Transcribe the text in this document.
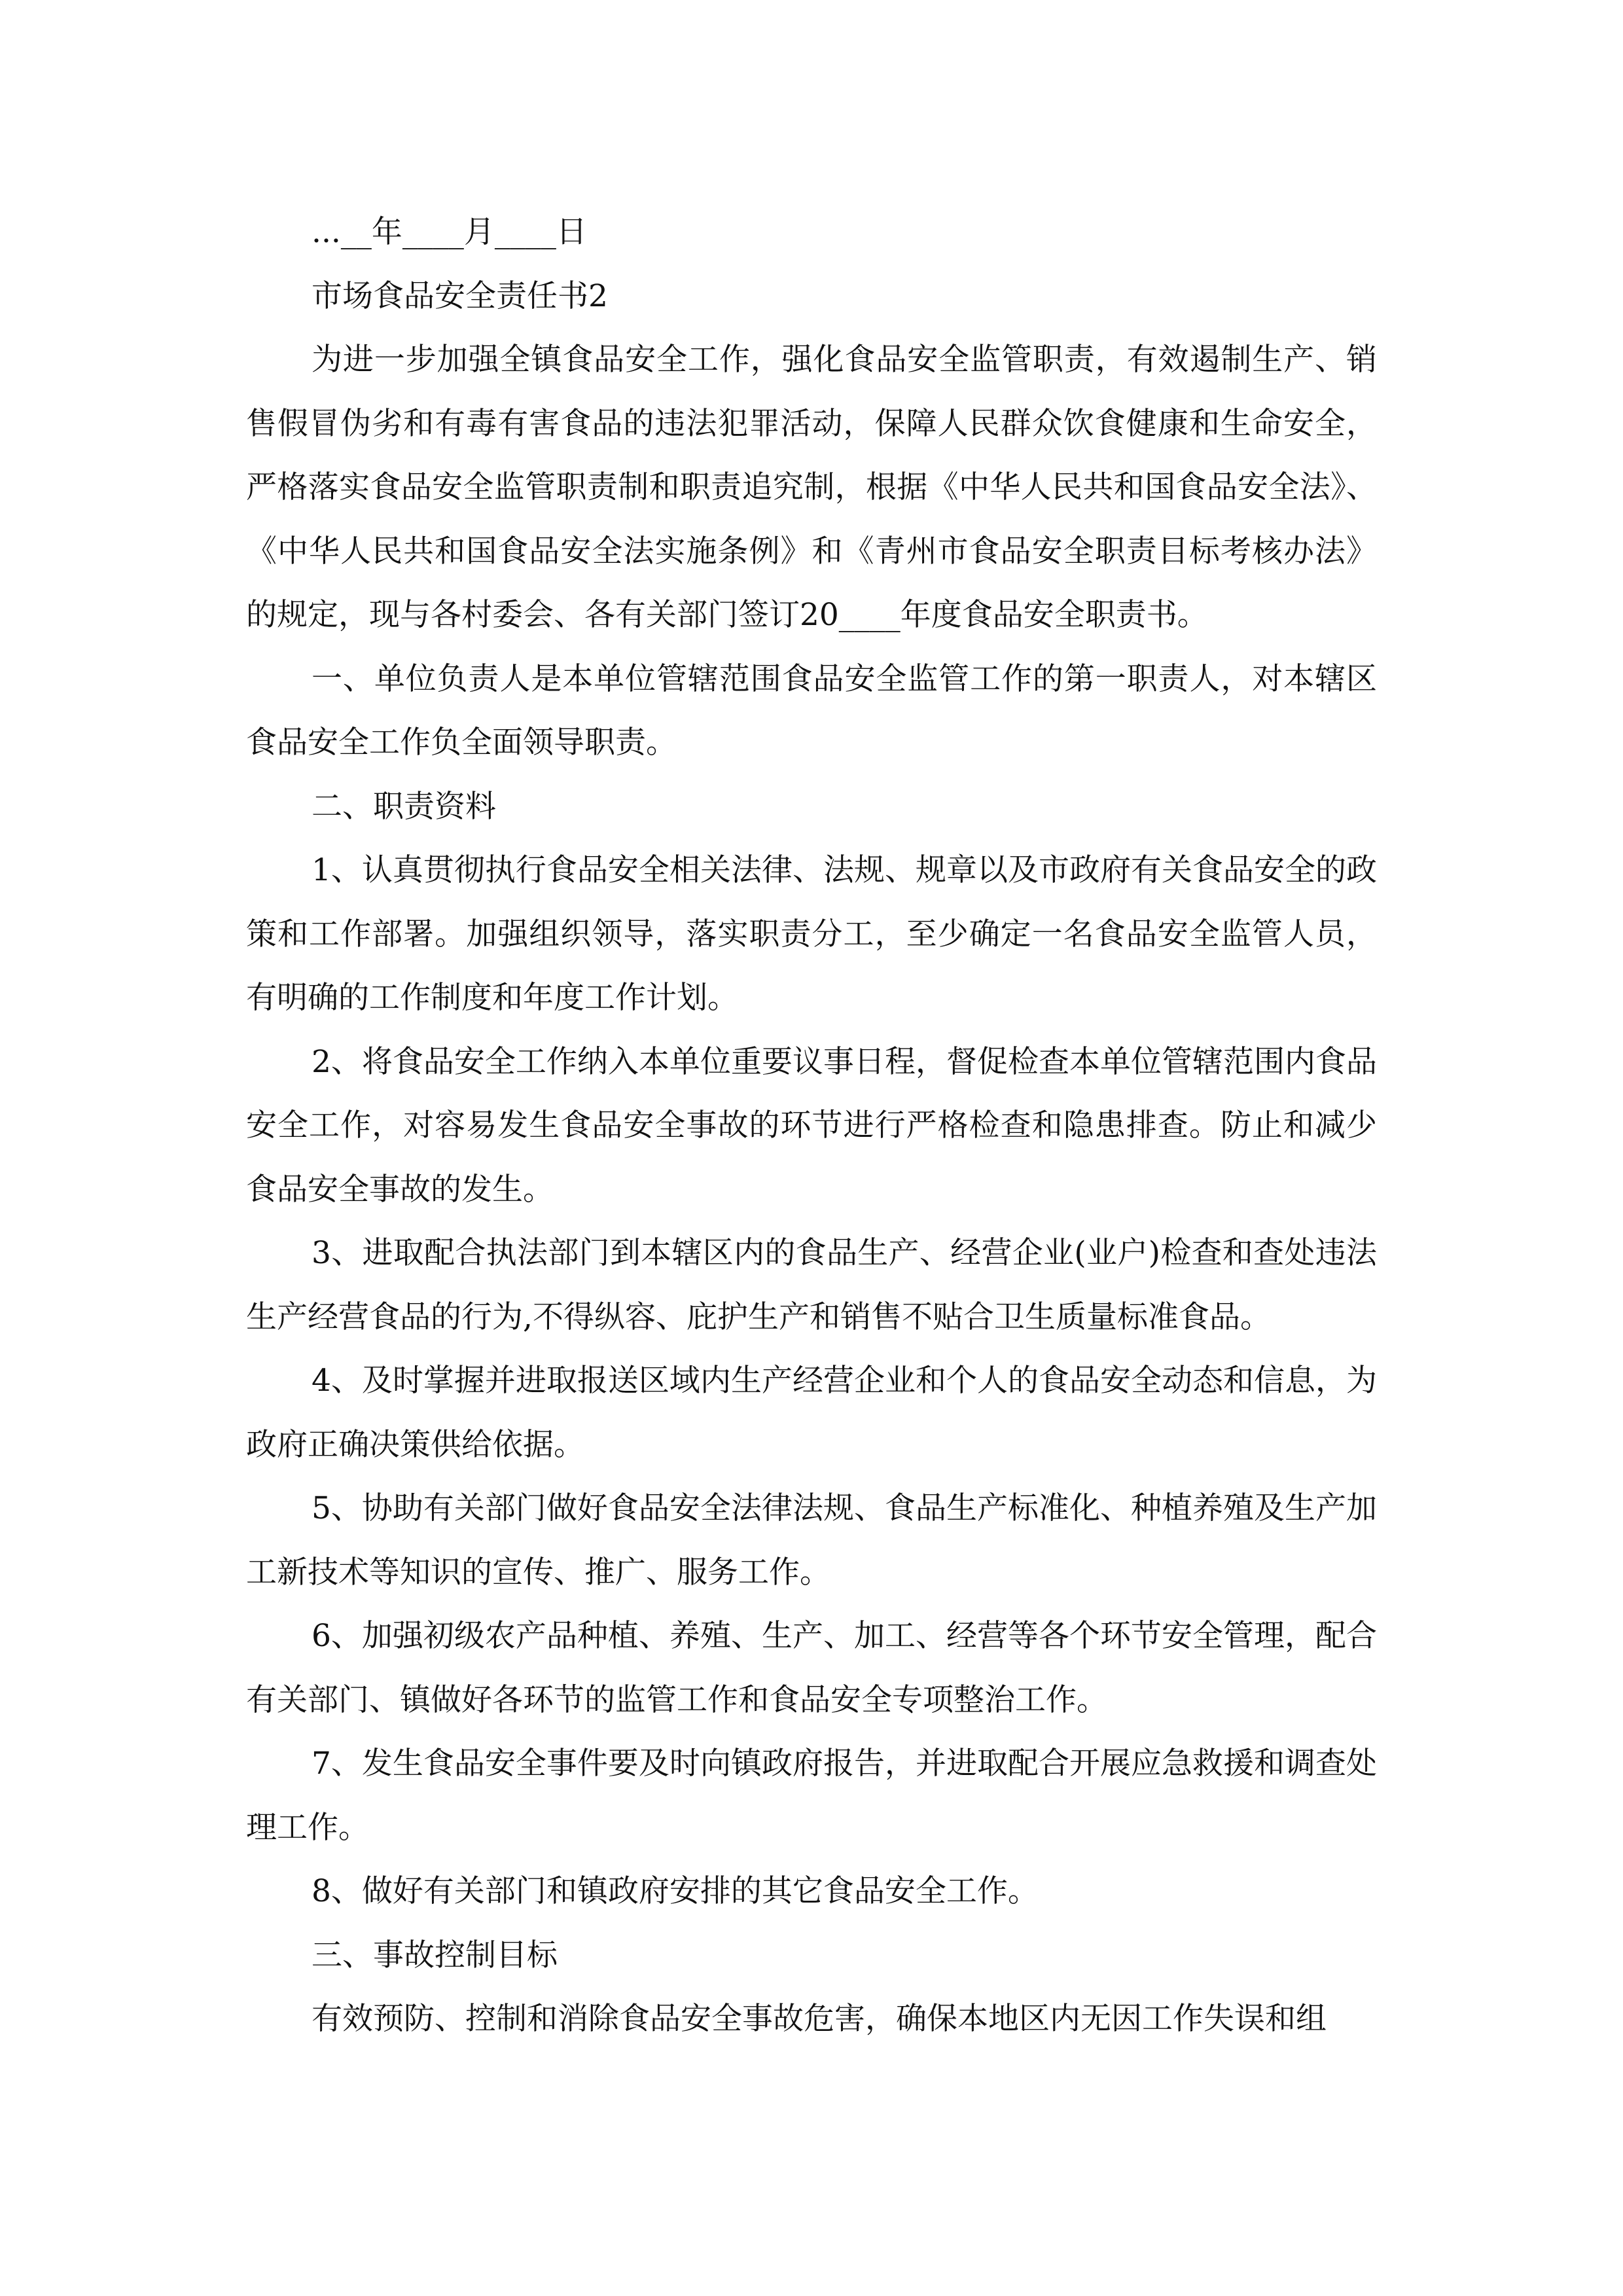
...__年____月____日

市场食品安全责任书2

为进一步加强全镇食品安全工作，强化食品安全监管职责，有效遏制生产、销售假冒伪劣和有毒有害食品的违法犯罪活动，保障人民群众饮食健康和生命安全，严格落实食品安全监管职责制和职责追究制，根据《中华人民共和国食品安全法》、《中华人民共和国食品安全法实施条例》和《青州市食品安全职责目标考核办法》的规定，现与各村委会、各有关部门签订20____年度食品安全职责书。

一、单位负责人是本单位管辖范围食品安全监管工作的第一职责人，对本辖区食品安全工作负全面领导职责。

二、职责资料

1、认真贯彻执行食品安全相关法律、法规、规章以及市政府有关食品安全的政策和工作部署。加强组织领导，落实职责分工，至少确定一名食品安全监管人员，有明确的工作制度和年度工作计划。

2、将食品安全工作纳入本单位重要议事日程，督促检查本单位管辖范围内食品安全工作，对容易发生食品安全事故的环节进行严格检查和隐患排查。防止和减少食品安全事故的发生。

3、进取配合执法部门到本辖区内的食品生产、经营企业(业户)检查和查处违法生产经营食品的行为,不得纵容、庇护生产和销售不贴合卫生质量标准食品。

4、及时掌握并进取报送区域内生产经营企业和个人的食品安全动态和信息，为政府正确决策供给依据。

5、协助有关部门做好食品安全法律法规、食品生产标准化、种植养殖及生产加工新技术等知识的宣传、推广、服务工作。

6、加强初级农产品种植、养殖、生产、加工、经营等各个环节安全管理，配合有关部门、镇做好各环节的监管工作和食品安全专项整治工作。

7、发生食品安全事件要及时向镇政府报告，并进取配合开展应急救援和调查处理工作。

8、做好有关部门和镇政府安排的其它食品安全工作。

三、事故控制目标

有效预防、控制和消除食品安全事故危害，确保本地区内无因工作失误和组
